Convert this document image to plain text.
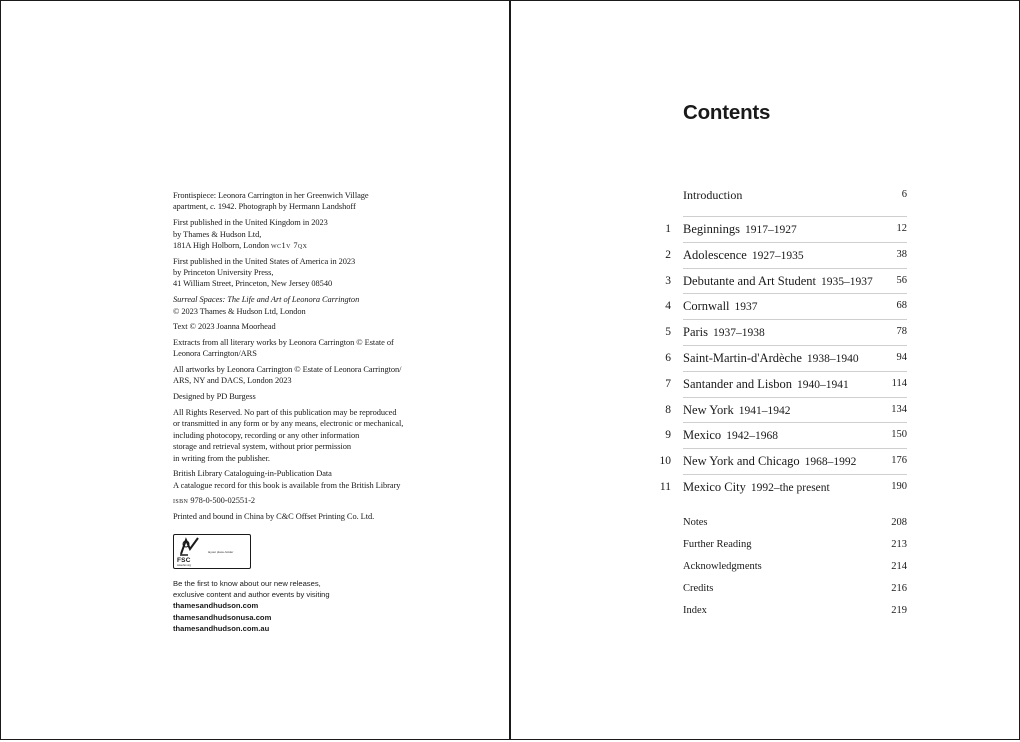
Frontispiece: Leonora Carrington in her Greenwich Village
apartment, c. 1942. Photograph by Hermann Landshoff
First published in the United Kingdom in 2023
by Thames & Hudson Ltd,
181A High Holborn, London wc1v 7qx
First published in the United States of America in 2023
by Princeton University Press,
41 William Street, Princeton, New Jersey 08540
Surreal Spaces: The Life and Art of Leonora Carrington
© 2023 Thames & Hudson Ltd, London
Text © 2023 Joanna Moorhead
Extracts from all literary works by Leonora Carrington © Estate of
Leonora Carrington/ARS
All artworks by Leonora Carrington © Estate of Leonora Carrington/
ARS, NY and DACS, London 2023
Designed by PD Burgess
All Rights Reserved. No part of this publication may be reproduced
or transmitted in any form or by any means, electronic or mechanical,
including photocopy, recording or any other information
storage and retrieval system, without prior permission
in writing from the publisher.
British Library Cataloguing-in-Publication Data
A catalogue record for this book is available from the British Library
isbn 978-0-500-02551-2
Printed and bound in China by C&C Offset Printing Co. Ltd.
FSC
www.fsc.org
layout place-holder
Be the first to know about our new releases,
exclusive content and author events by visiting
thamesandhudson.com
thamesandhudsonusa.com
thamesandhudson.com.au
Contents
Introduction	6
1 Beginnings 1917–1927	12
2 Adolescence 1927–1935	38
3 Debutante and Art Student 1935–1937 56
4 Cornwall 1937	68
5 Paris 1937–1938	78
6 Saint-Martin-d'Ardèche 1938–1940	94
7 Santander and Lisbon 1940–1941	114
8 New York 1941–1942	134
9 Mexico 1942–1968	150
10 New York and Chicago 1968–1992	176
11 Mexico City 1992–the present	190
Notes	208
Further Reading	213
Acknowledgments	214
Credits	216
Index	219
